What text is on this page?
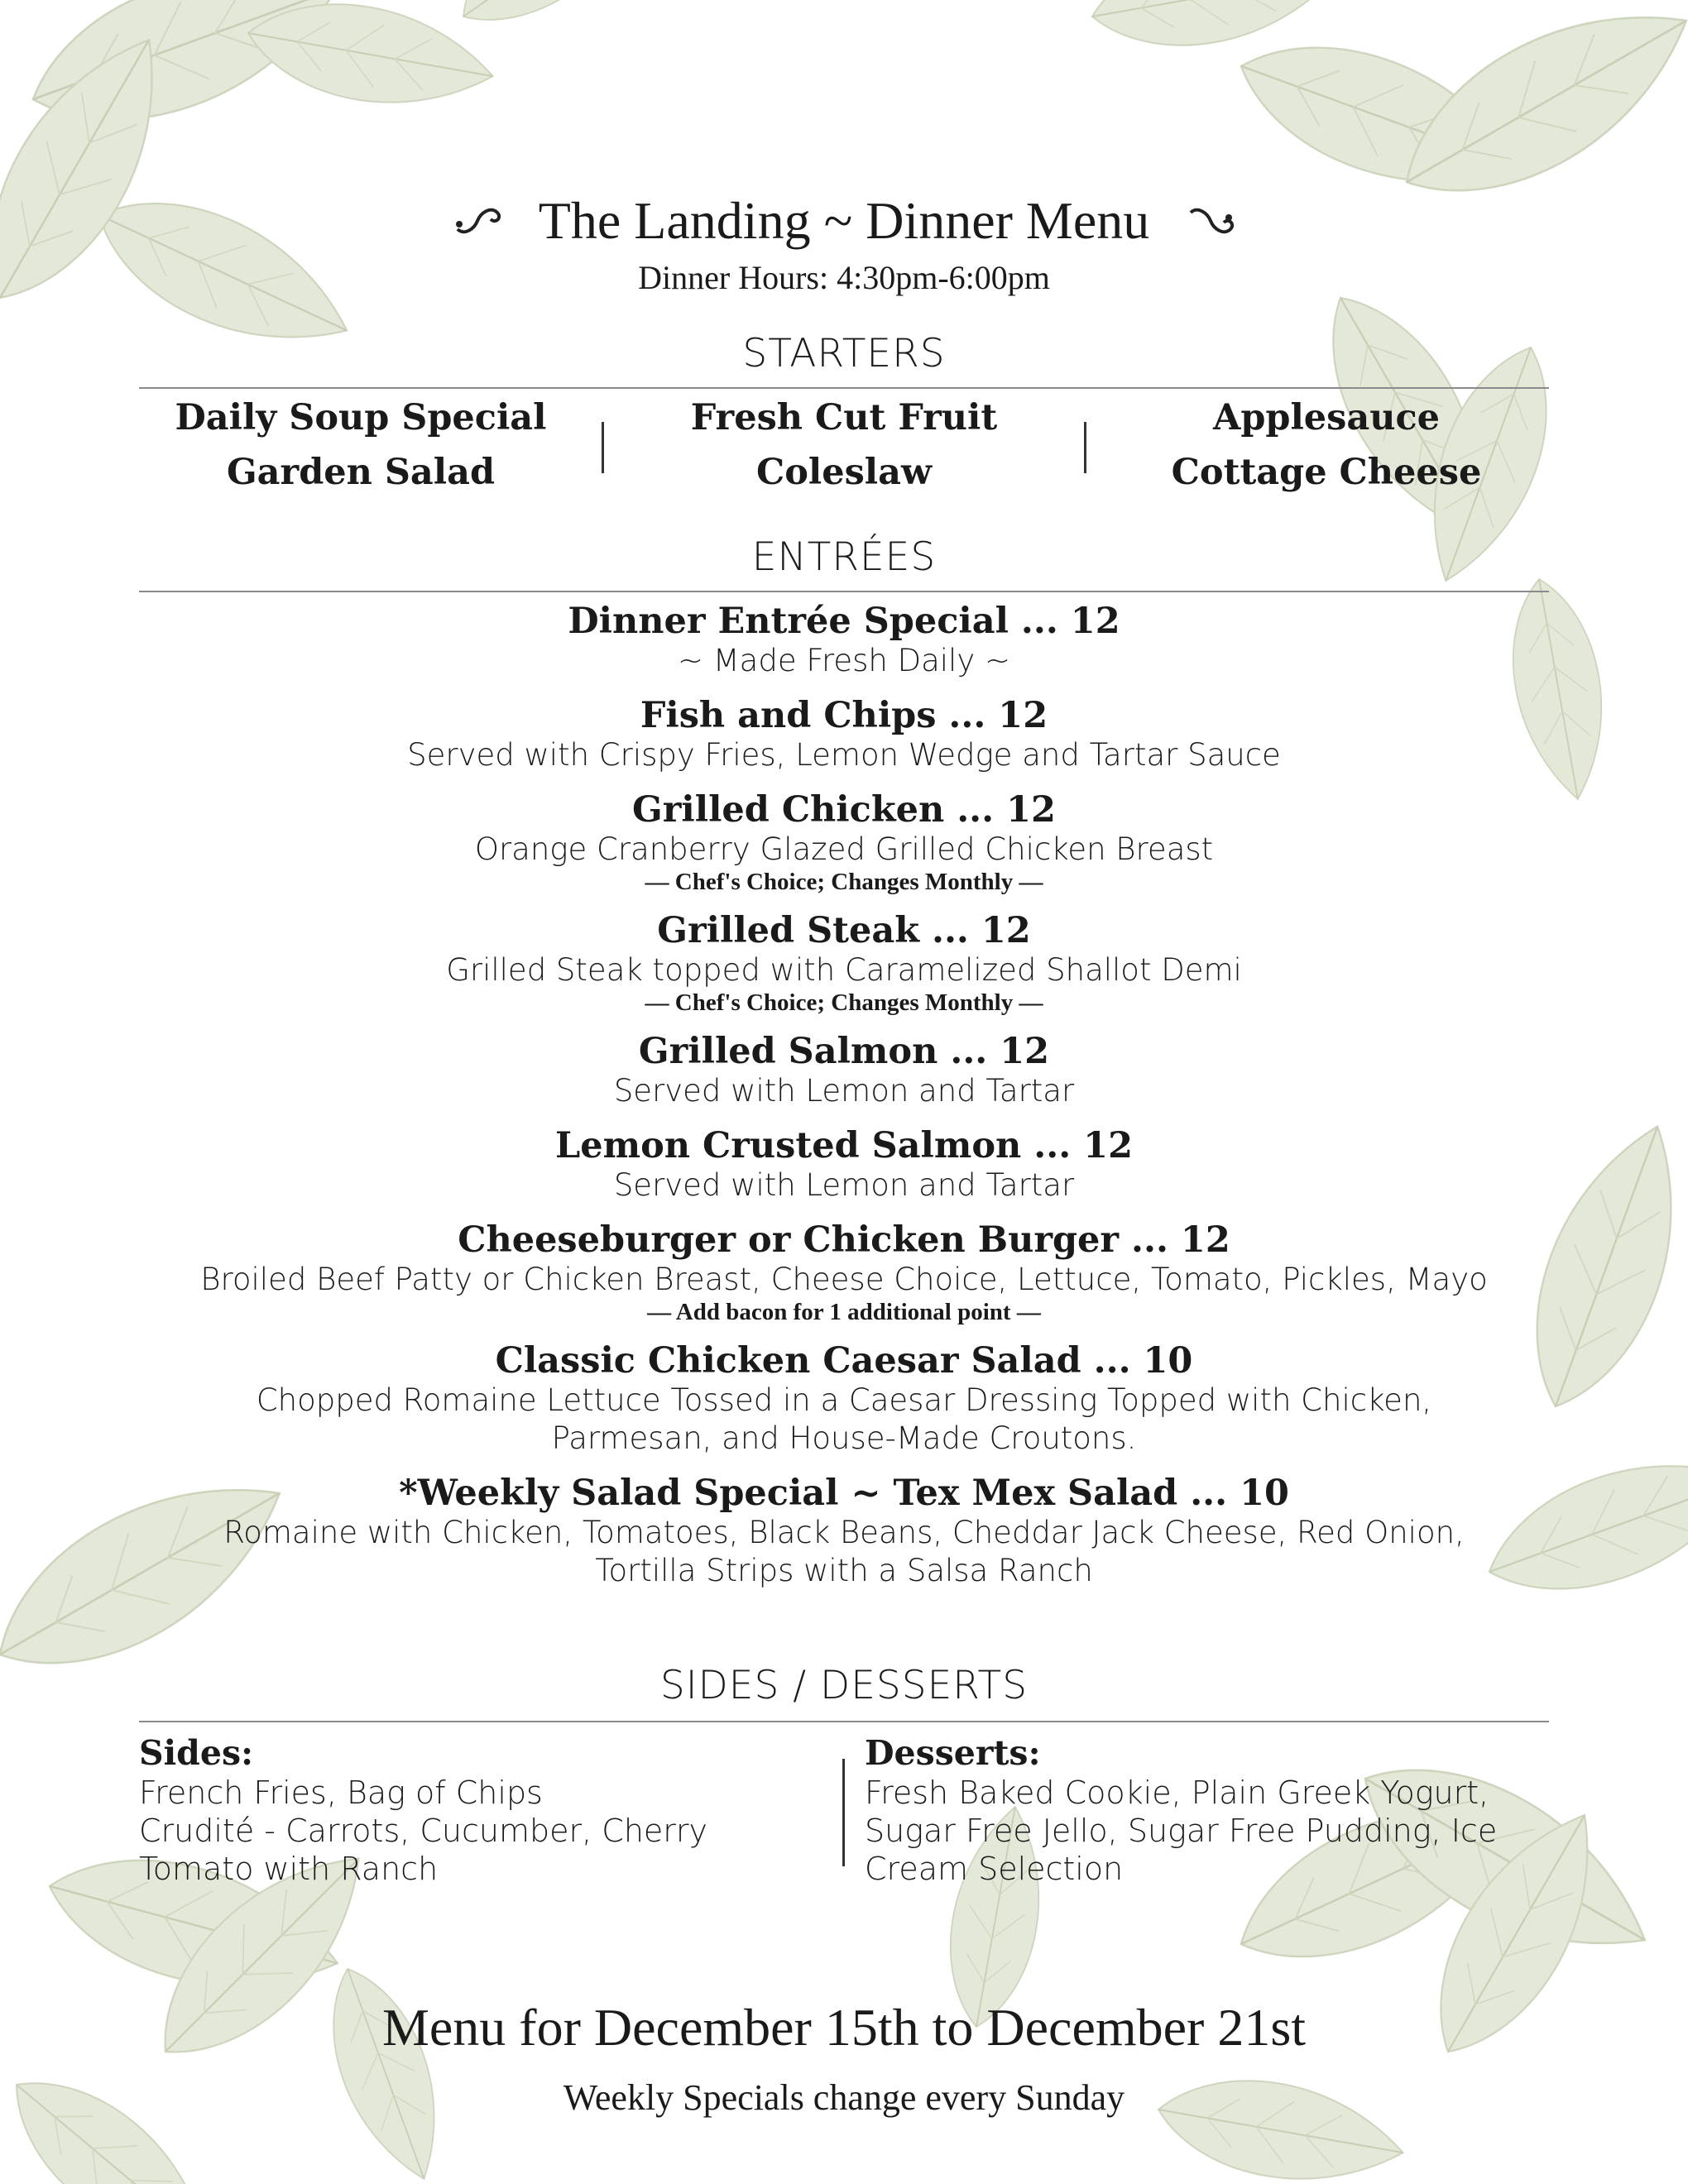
The Landing ~ Dinner Menu
Dinner Hours: 4:30pm-6:00pm
STARTERS
Daily Soup Special
Garden Salad
Fresh Cut Fruit
Coleslaw
Applesauce
Cottage Cheese
ENTRÉES
Dinner Entrée Special ... 12
~ Made Fresh Daily ~
Fish and Chips ... 12
Served with Crispy Fries, Lemon Wedge and Tartar Sauce
Grilled Chicken ... 12
Orange Cranberry Glazed Grilled Chicken Breast
— Chef's Choice; Changes Monthly —
Grilled Steak ... 12
Grilled Steak topped with Caramelized Shallot Demi
— Chef's Choice; Changes Monthly —
Grilled Salmon ... 12
Served with Lemon and Tartar
Lemon Crusted Salmon ... 12
Served with Lemon and Tartar
Cheeseburger or Chicken Burger ... 12
Broiled Beef Patty or Chicken Breast, Cheese Choice, Lettuce, Tomato, Pickles, Mayo
— Add bacon for 1 additional point —
Classic Chicken Caesar Salad ... 10
Chopped Romaine Lettuce Tossed in a Caesar Dressing Topped with Chicken,
Parmesan, and House-Made Croutons.
*Weekly Salad Special ~ Tex Mex Salad ... 10
Romaine with Chicken, Tomatoes, Black Beans, Cheddar Jack Cheese, Red Onion,
Tortilla Strips with a Salsa Ranch
SIDES / DESSERTS
Sides:
French Fries, Bag of Chips
Crudité - Carrots, Cucumber, Cherry
Tomato with Ranch
Desserts:
Fresh Baked Cookie, Plain Greek Yogurt,
Sugar Free Jello, Sugar Free Pudding, Ice
Cream Selection
Menu for December 15th to December 21st
Weekly Specials change every Sunday
